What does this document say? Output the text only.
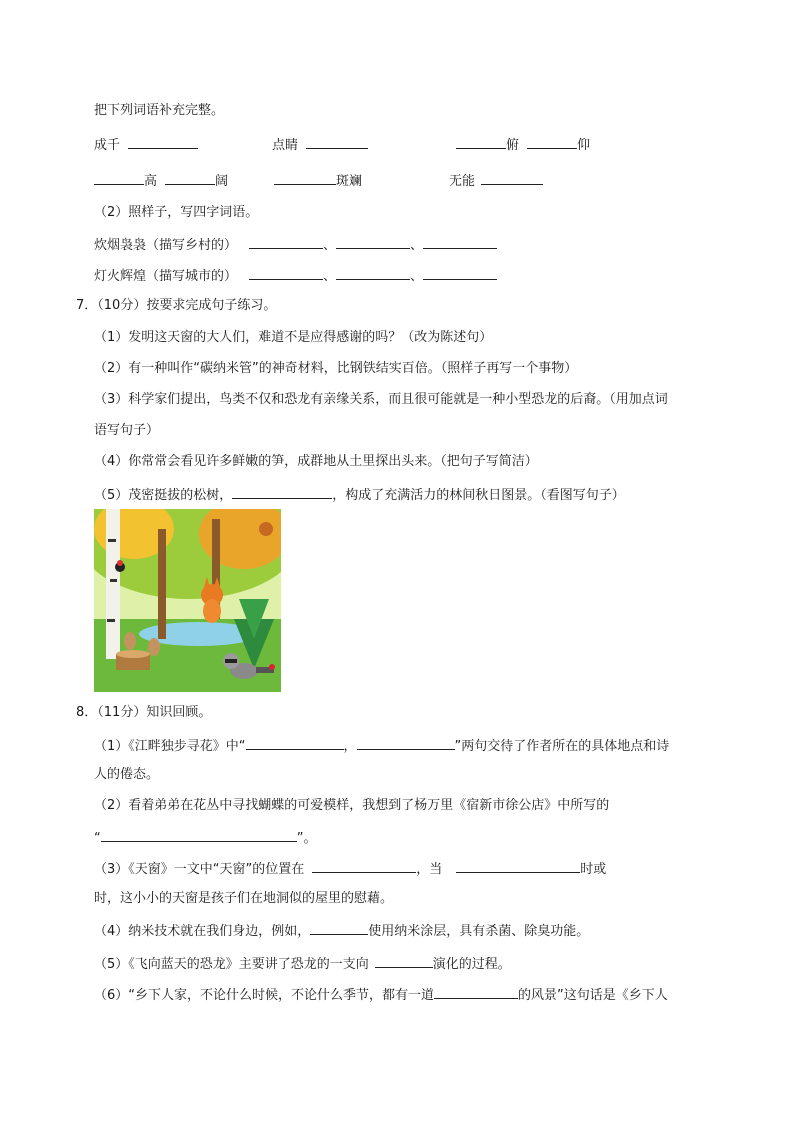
把下列词语补充完整。
成千	点睛	俯	仰
高	阔	斑斓	无能
（2）照样子，写四字词语。
炊烟袅袅（描写乡村的）	、	、
灯火辉煌（描写城市的）	、	、
7．（10分）按要求完成句子练习。
（1）发明这天窗的大人们，难道不是应得感谢的吗？（改为陈述句）
（2）有一种叫作“碳纳米管”的神奇材料，比钢铁结实百倍。（照样子再写一个事物）
（3）科学家们提出，鸟类不仅和恐龙有亲缘关系，而且很可能就是一种小型恐龙的后裔。（用加点词
语写句子）
（4）你常常会看见许多鲜嫩的笋，成群地从土里探出头来。（把句子写简洁）
（5）茂密挺拔的松树，	，构成了充满活力的林间秋日图景。（看图写句子）
8．（11分）知识回顾。
（1）《江畔独步寻花》中“	，	”两句交待了作者所在的具体地点和诗
人的倦态。
（2）看着弟弟在花丛中寻找蝴蝶的可爱模样，我想到了杨万里《宿新市徐公店》中所写的
“	”。
（3）《天窗》一文中“天窗”的位置在	，当	时或
时，这小小的天窗是孩子们在地洞似的屋里的慰藉。
（4）纳米技术就在我们身边，例如，	使用纳米涂层，具有杀菌、除臭功能。
（5）《飞向蓝天的恐龙》主要讲了恐龙的一支向	演化的过程。
（6）“乡下人家，不论什么时候，不论什么季节，都有一道	的风景”这句话是《乡下人
